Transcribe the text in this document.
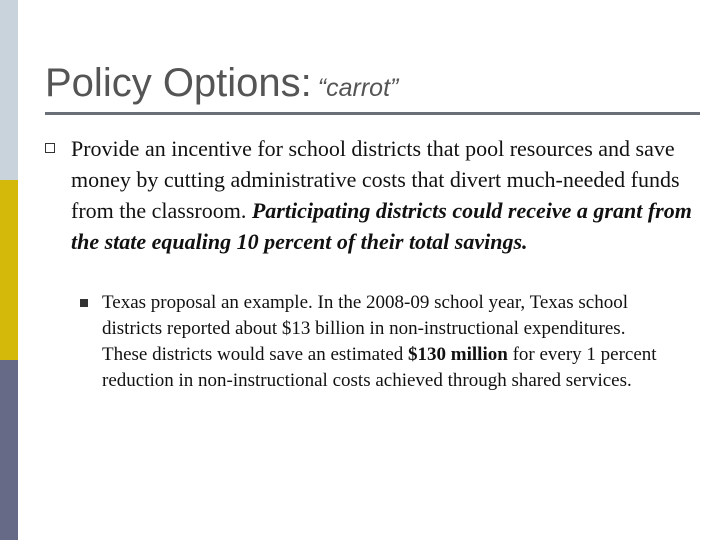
Policy Options: “carrot”
Provide an incentive for school districts that pool resources and save money by cutting administrative costs that divert much-needed funds from the classroom. Participating districts could receive a grant from the state equaling 10 percent of their total savings.
Texas proposal an example. In the 2008-09 school year, Texas school districts reported about $13 billion in non-instructional expenditures. These districts would save an estimated $130 million for every 1 percent reduction in non-instructional costs achieved through shared services.
